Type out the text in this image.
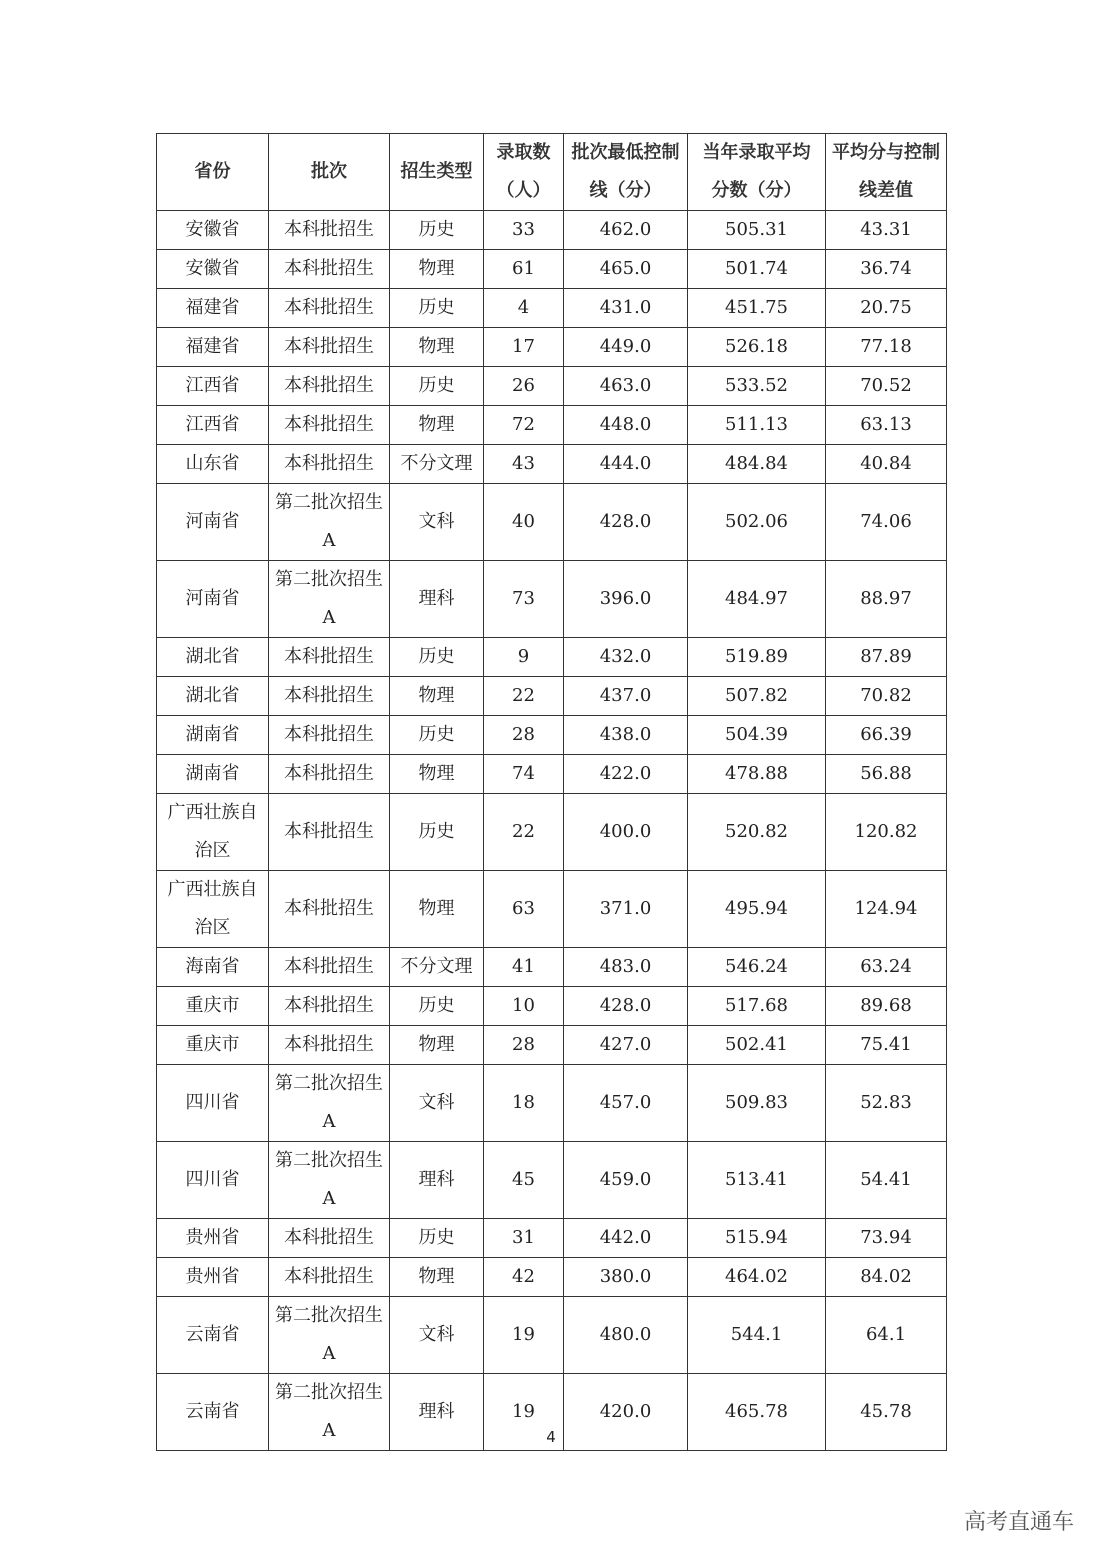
省份	批次	招生类型	录取数（人）	批次最低控制线（分）	当年录取平均分数（分）	平均分与控制线差值
安徽省	本科批招生	历史	33	462.0	505.31	43.31
安徽省	本科批招生	物理	61	465.0	501.74	36.74
福建省	本科批招生	历史	4	431.0	451.75	20.75
福建省	本科批招生	物理	17	449.0	526.18	77.18
江西省	本科批招生	历史	26	463.0	533.52	70.52
江西省	本科批招生	物理	72	448.0	511.13	63.13
山东省	本科批招生	不分文理	43	444.0	484.84	40.84
河南省	第二批次招生 A	文科	40	428.0	502.06	74.06
河南省	第二批次招生 A	理科	73	396.0	484.97	88.97
湖北省	本科批招生	历史	9	432.0	519.89	87.89
湖北省	本科批招生	物理	22	437.0	507.82	70.82
湖南省	本科批招生	历史	28	438.0	504.39	66.39
湖南省	本科批招生	物理	74	422.0	478.88	56.88
广西壮族自治区	本科批招生	历史	22	400.0	520.82	120.82
广西壮族自治区	本科批招生	物理	63	371.0	495.94	124.94
海南省	本科批招生	不分文理	41	483.0	546.24	63.24
重庆市	本科批招生	历史	10	428.0	517.68	89.68
重庆市	本科批招生	物理	28	427.0	502.41	75.41
四川省	第二批次招生 A	文科	18	457.0	509.83	52.83
四川省	第二批次招生 A	理科	45	459.0	513.41	54.41
贵州省	本科批招生	历史	31	442.0	515.94	73.94
贵州省	本科批招生	物理	42	380.0	464.02	84.02
云南省	第二批次招生 A	文科	19	480.0	544.1	64.1
云南省	第二批次招生 A	理科	19	420.0	465.78	45.78
4
高考直通车
